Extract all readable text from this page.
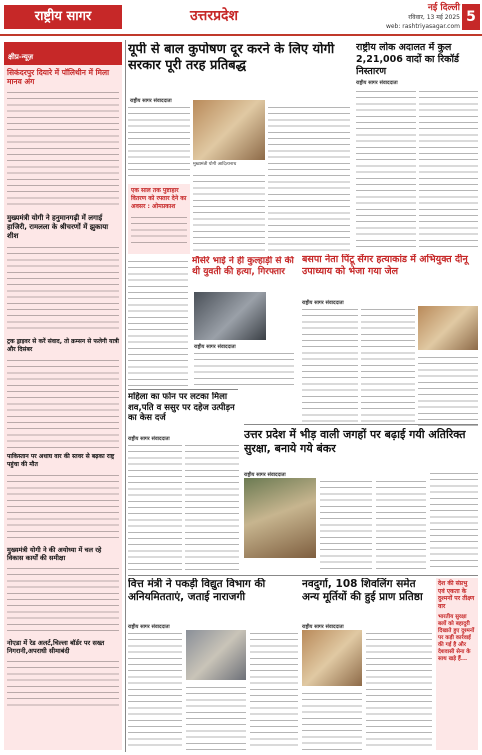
राष्ट्रीय सागर	उत्तरप्रदेश	नई दिल्ली
रविवार, 13 मई 2025
web: rashtriyasagar.com
5
क्षीप्र-न्यूज़
सिकंदरपुर दियारे में पॉलिथीन में मिला मानव अंग
मुख्यमंत्री योगी ने हनुमानगढ़ी में लगाई हाजिरी, रामलला के श्रीचरणों में झुकाया शीश
ट्रक ड्राइवर से करें संवाद, तो क्रम्सन से फलेगी यात्री और दिसंबर
पाकिस्तान पर अधाघ वार की स्तवर से बढ़का राष्ट्र पहुंचा की मौत
मुख्यमंत्री योगी ने की अयोध्या में चल रहे विकास कार्यों की समीक्षा
नोएडा में रेड अलर्ट,चिल्ला बॉर्डर पर सख्त निगरानी,अपराधी सीमाबंदी
यूपी से बाल कुपोषण दूर करने के लिए योगी सरकार पूरी तरह प्रतिबद्ध
राष्ट्रीय सागर संवाददाता
मुख्यमंत्री योगी आदित्यनाथ
एक साल तक पुष्टाहार वितरण को रफ्तार देने का अवसर : ओमप्रकाश
राष्ट्रीय लोक अदालत में कुल 2,21,006 वादों का रिकॉर्ड निस्तारण
राष्ट्रीय सागर संवाददाता
मौसेरे भाई ने ही कुल्हाड़ी से की थी युवती की हत्या, गिरफ्तार
राष्ट्रीय सागर संवाददाता
बसपा नेता पिंटू सेंगर हत्याकांड में अभियुक्त दीनू उपाध्याय को भेजा गया जेल
राष्ट्रीय सागर संवाददाता
महिला का फोन पर लटका मिला शव,पति व ससुर पर दहेज उत्पीड़न का केस दर्ज
राष्ट्रीय सागर संवाददाता	उत्तर प्रदेश में भीड़ वाली जगहों पर बढ़ाई गयी अतिरिक्त सुरक्षा, बनाये गये बंकर
राष्ट्रीय सागर संवाददाता
वित्त मंत्री ने पकड़ी विद्युत विभाग की अनियमितताएं, जताई नाराजगी
राष्ट्रीय सागर संवाददाता
नवदुर्गा, 108 शिवलिंग समेत अन्य मूर्तियों की हुई प्राण प्रतिष्ठा
राष्ट्रीय सागर संवाददाता
देश की संप्रभु एवं एकता के दुश्मनों पर तीक्ष्ण वार
भारतीय सुरक्षा बलों को बहादुरी दिखाते हुए दुश्मनों पर कड़ी कार्रवाई की गई है और देशवासी सेना के साथ खड़े हैं...
